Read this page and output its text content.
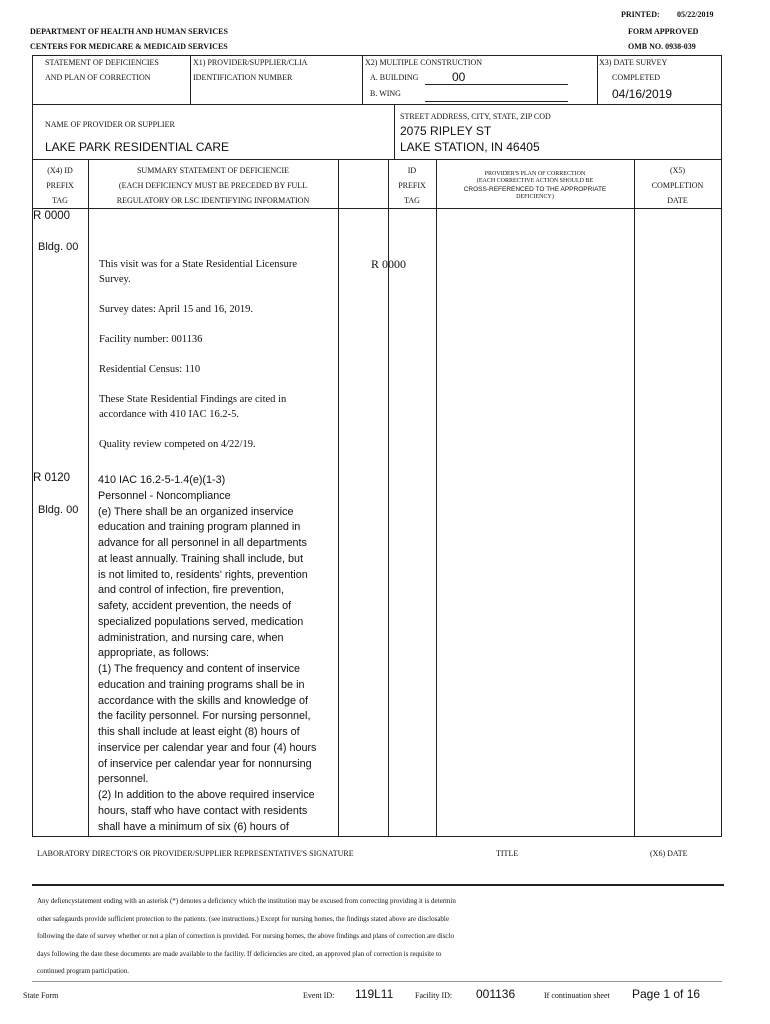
PRINTED: 05/22/2019
FORM APPROVED
OMB NO. 0938-039
DEPARTMENT OF HEALTH AND HUMAN SERVICES
CENTERS FOR MEDICARE & MEDICAID SERVICES
STATEMENT OF DEFICIENCIES
AND PLAN OF CORRECTION
X1) PROVIDER/SUPPLIER/CLIA
IDENTIFICATION NUMBER
X2) MULTIPLE CONSTRUCTION
A. BUILDING	00
B. WING
X3) DATE SURVEY
COMPLETED
04/16/2019
NAME OF PROVIDER OR SUPPLIER
LAKE PARK RESIDENTIAL CARE
STREET ADDRESS, CITY, STATE, ZIP COD
2075 RIPLEY ST
LAKE STATION, IN 46405
(X4) ID
PREFIX
TAG
SUMMARY STATEMENT OF DEFICIENCIE
(EACH DEFICIENCY MUST BE PRECEDED BY FULL
REGULATORY OR LSC IDENTIFYING INFORMATION
ID
PREFIX
TAG
PROVIDER'S PLAN OF CORRECTION
(EACH CORRECTIVE ACTION SHOULD BE
CROSS-REFERENCED TO THE APPROPRIATE
DEFICIENCY)
(X5)
COMPLETION
DATE
R 0000
Bldg. 00
This visit was for a State Residential Licensure
Survey.

Survey dates: April 15 and 16, 2019.

Facility number: 001136

Residential Census: 110

These State Residential Findings are cited in
accordance with 410 IAC 16.2-5.

Quality review competed on 4/22/19.
R 0000
R 0120
Bldg. 00
410 IAC 16.2-5-1.4(e)(1-3)
Personnel - Noncompliance
(e) There shall be an organized inservice
education and training program planned in
advance for all personnel in all departments
at least annually. Training shall include, but
is not limited to, residents' rights, prevention
and control of infection, fire prevention,
safety, accident prevention, the needs of
specialized populations served, medication
administration, and nursing care, when
appropriate, as follows:
(1) The frequency and content of inservice
education and training programs shall be in
accordance with the skills and knowledge of
the facility personnel. For nursing personnel,
this shall include at least eight (8) hours of
inservice per calendar year and four (4) hours
of inservice per calendar year for nonnursing
personnel.
(2) In addition to the above required inservice
hours, staff who have contact with residents
shall have a minimum of six (6) hours of
LABORATORY DIRECTOR'S OR PROVIDER/SUPPLIER REPRESENTATIVE'S SIGNATURE	TITLE	(X6) DATE
Any defiencystatement ending with an asterisk (*) denotes a deficiency which the institution may be excused from correcting providing it is determin
other safegaurds provide sufficient protection to the patients. (see instructions.) Except for nursing homes, the findings stated above are disclosable
following the date of survey whether or not a plan of correction is provided. For nursing homes, the above findings and plans of correction are disclo
days following the date these documents are made available to the facility. If deficiencies are cited, an approved plan of correction is requisite to
continued program participation.
State Form	Event ID: 119L11	Facility ID: 001136	If continuation sheet Page 1 of 16
